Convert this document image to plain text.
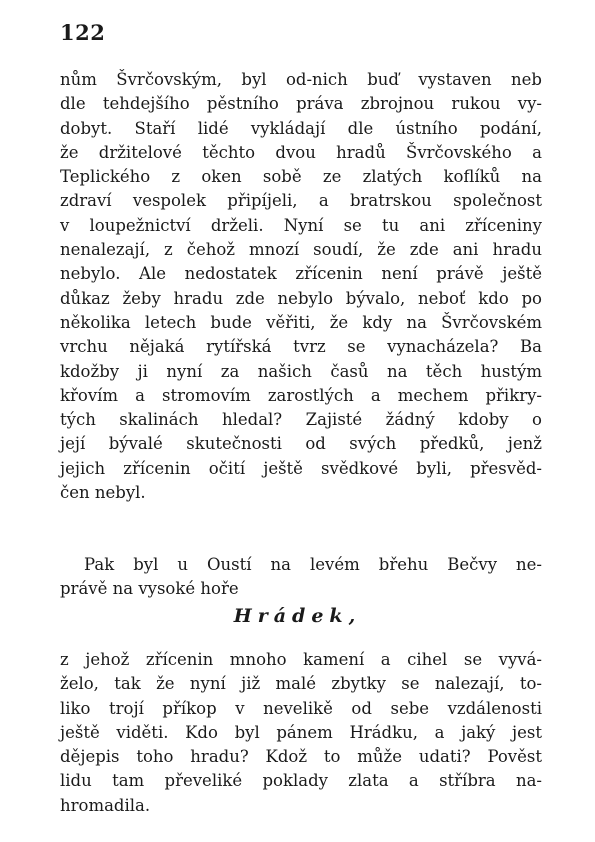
122
nům Švrčovským, byl od-nich buď vystaven neb
dle tehdejšího pěstního práva zbrojnou rukou vy-
dobyt. Staří lidé vykládají dle ústního podání,
že držitelové těchto dvou hradů Švrčovského a
Teplického z oken sobě ze zlatých koflíků na
zdraví vespolek připíjeli, a bratrskou společnost
v loupežnictví drželi. Nyní se tu ani zříceniny
nenalezají, z čehož mnozí soudí, že zde ani hradu
nebylo. Ale nedostatek zřícenin není právě ještě
důkaz žeby hradu zde nebylo bývalo, neboť kdo po
několika letech bude věřiti, že kdy na Švrčovském
vrchu nějaká rytířská tvrz se vynacházela? Ba
kdožby ji nyní za našich časů na těch hustým
křovím a stromovím zarostlých a mechem přikry-
tých skalinách hledal? Zajisté žádný kdoby o
její bývalé skutečnosti od svých předků, jenž
jejich zřícenin očití ještě svědkové byli, přesvěd-
čen nebyl.
Pak byl u Oustí na levém břehu Bečvy ne-
právě na vysoké hoře
Hrádek,
z jehož zřícenin mnoho kamení a cihel se vyvá-
želo, tak že nyní již malé zbytky se nalezají, to-
liko trojí příkop v nevelikě od sebe vzdálenosti
ještě viděti. Kdo byl pánem Hrádku, a jaký jest
dějepis toho hradu? Kdož to může udati? Pověst
lidu tam převeliké poklady zlata a stříbra na-
hromadila.
